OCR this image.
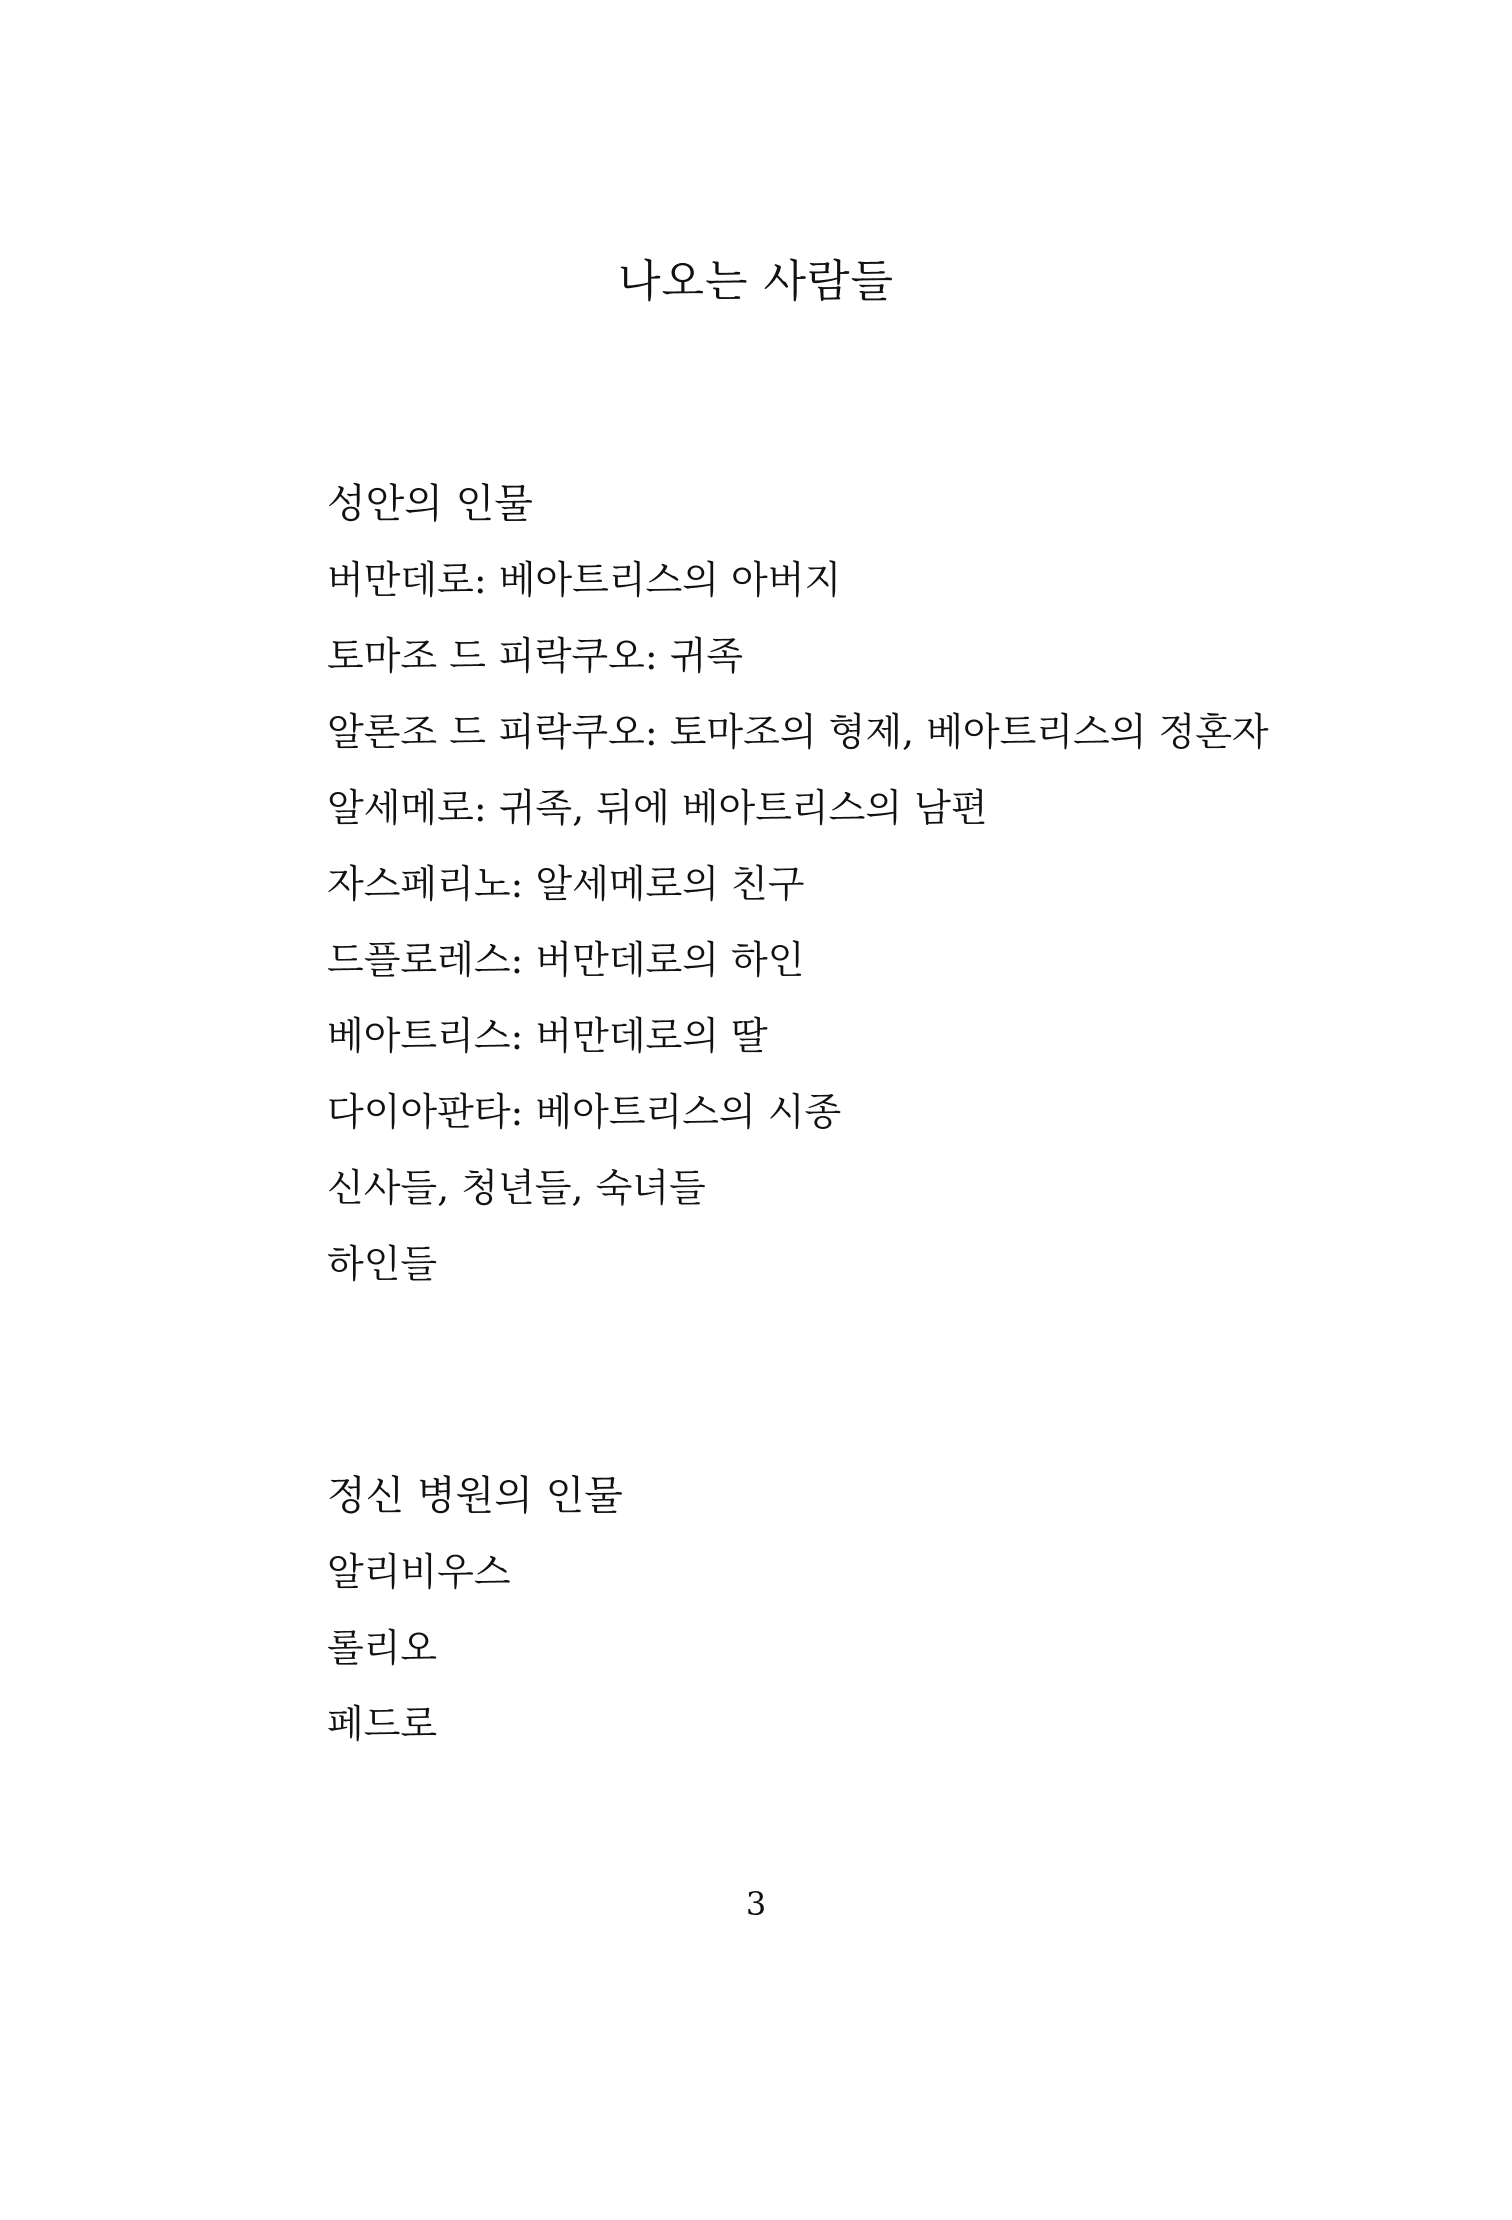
나오는 사람들
성안의 인물
버만데로: 베아트리스의 아버지
토마조 드 피락쿠오: 귀족
알론조 드 피락쿠오: 토마조의 형제, 베아트리스의 정혼자
알세메로: 귀족, 뒤에 베아트리스의 남편
자스페리노: 알세메로의 친구
드플로레스: 버만데로의 하인
베아트리스: 버만데로의 딸
다이아판타: 베아트리스의 시종
신사들, 청년들, 숙녀들
하인들
정신 병원의 인물
알리비우스
롤리오
페드로
3
